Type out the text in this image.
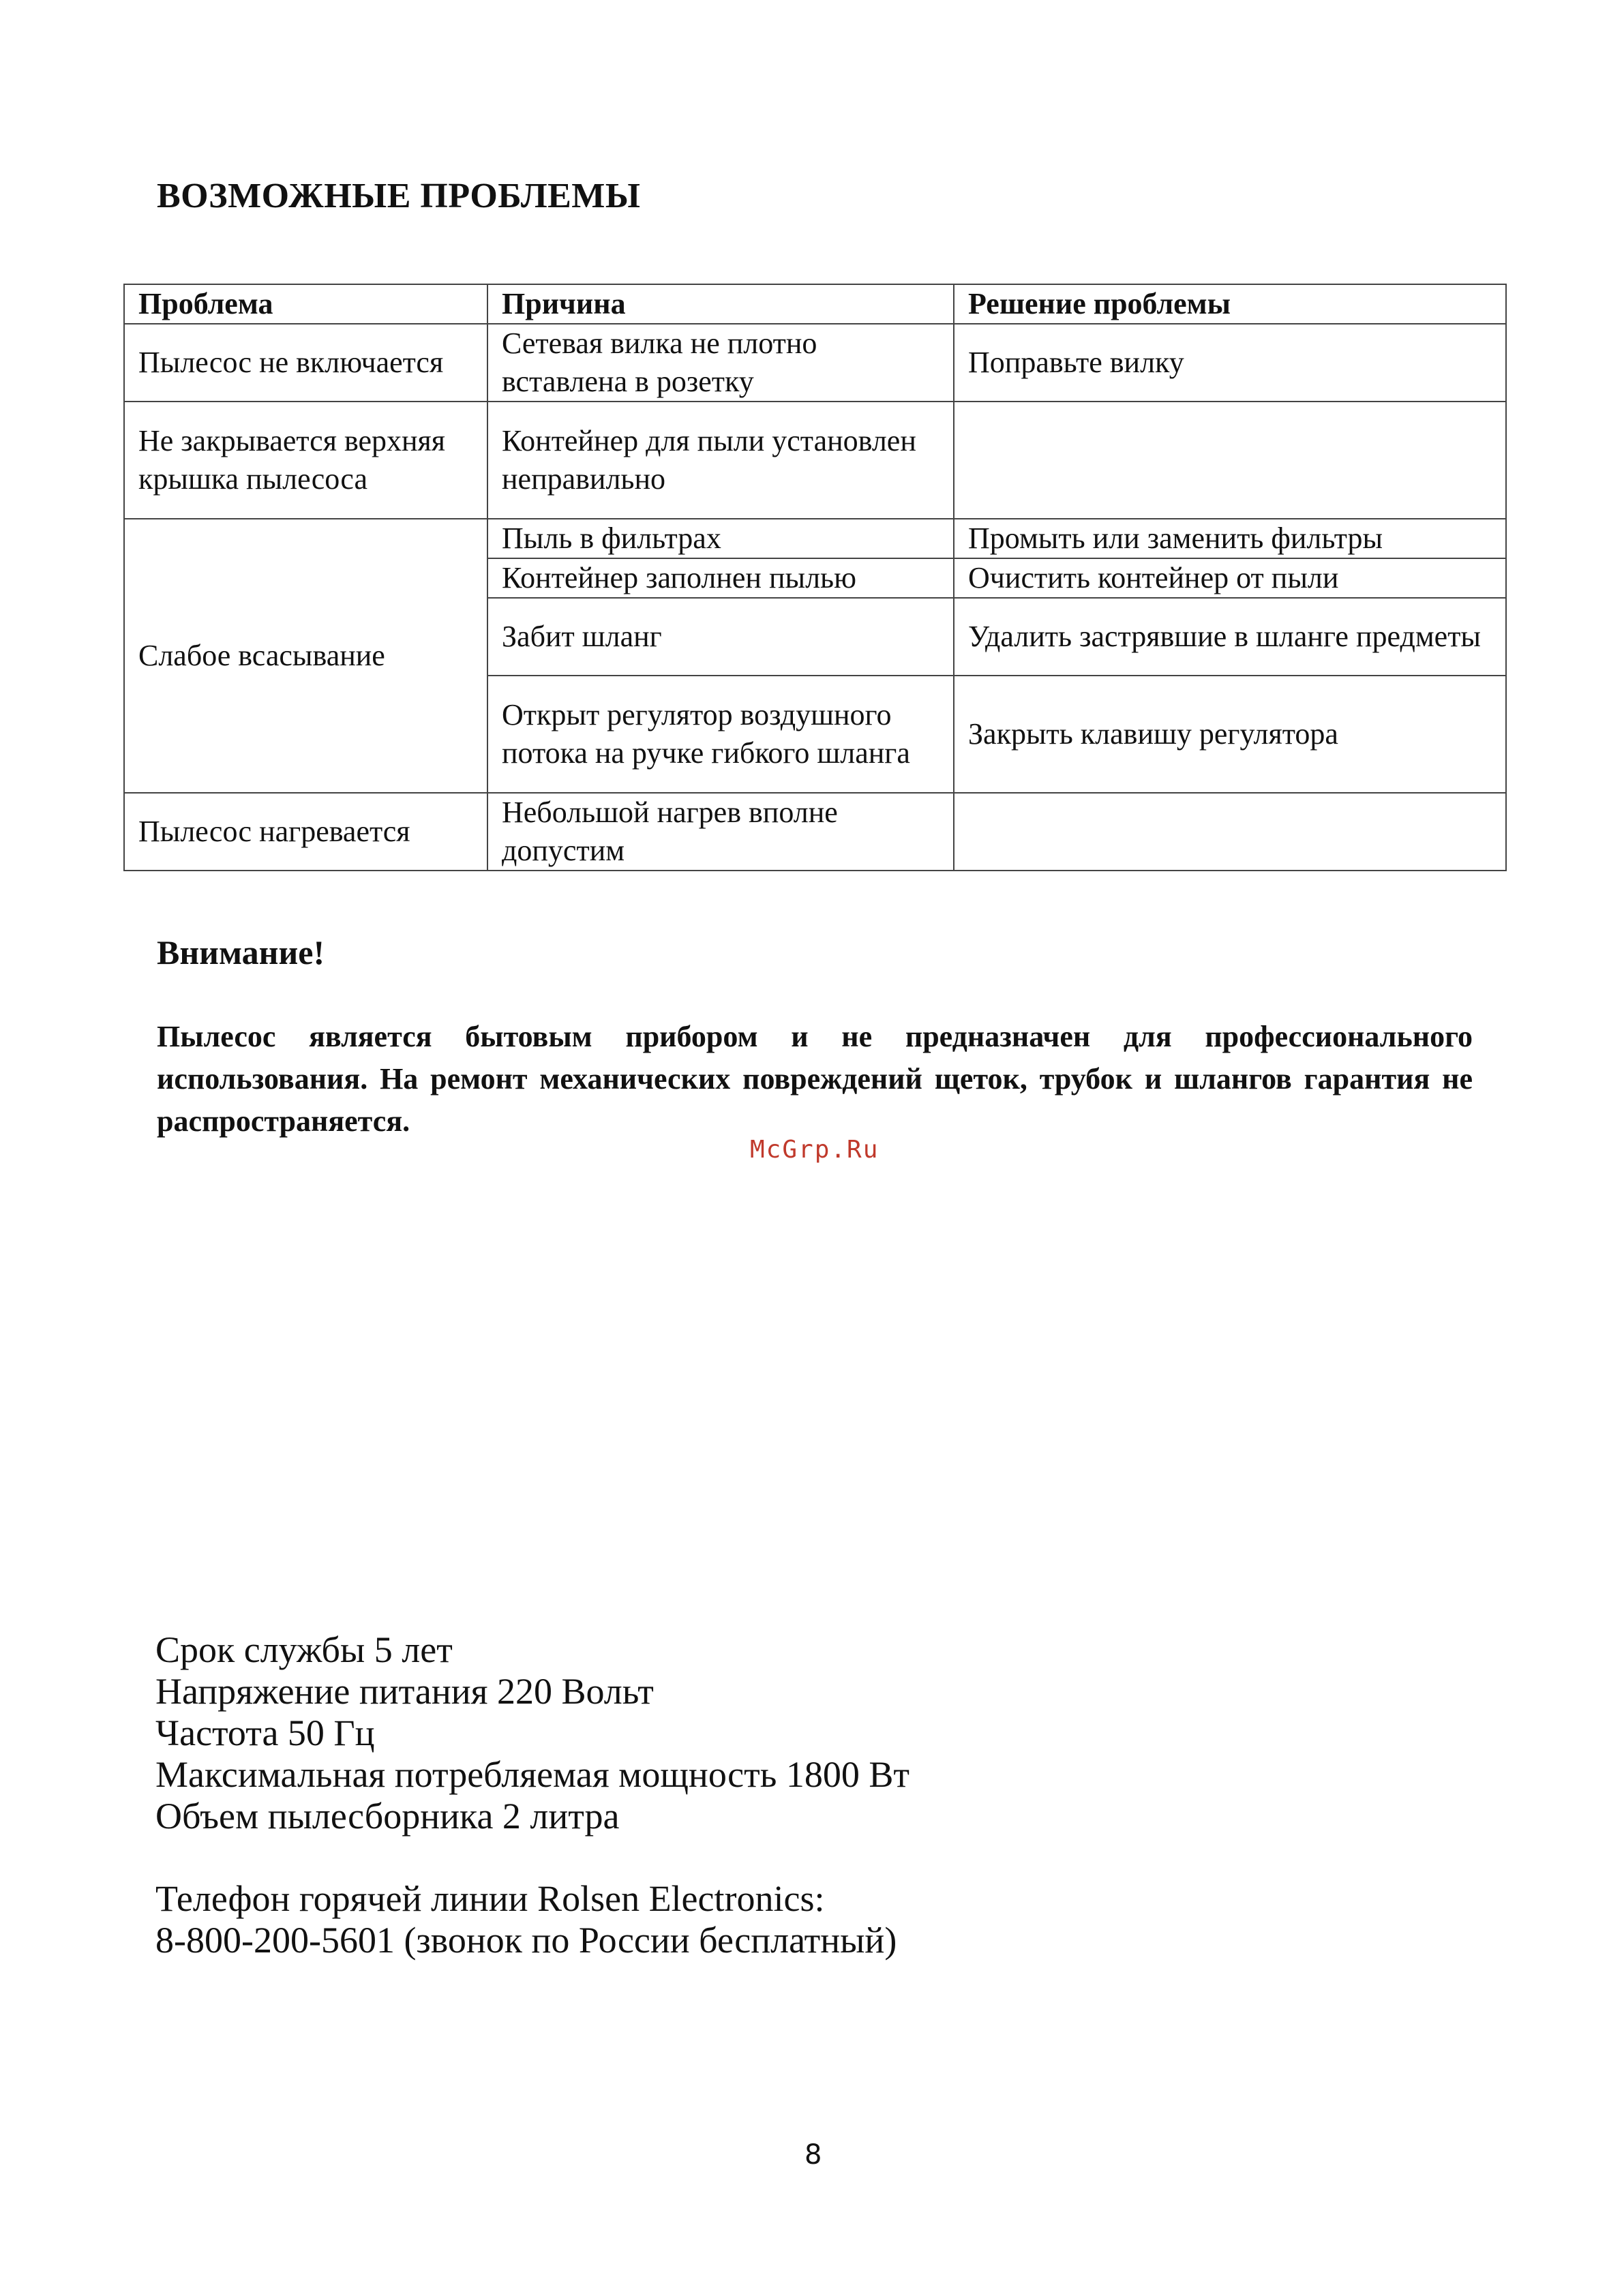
ВОЗМОЖНЫЕ ПРОБЛЕМЫ
Проблема	Причина	Решение проблемы
Пылесос не включается	Сетевая вилка не плотно вставлена в розетку	Поправьте вилку
Не закрывается верхняя крышка пылесоса	Контейнер для пыли установлен неправильно	
Слабое всасывание	Пыль в фильтрах	Промыть или заменить фильтры
	Контейнер заполнен пылью	Очистить контейнер от пыли
	Забит шланг	Удалить застрявшие в шланге предметы
	Открыт регулятор воздушного потока на ручке гибкого шланга	Закрыть клавишу регулятора
Пылесос нагревается	Небольшой нагрев вполне допустим	
Внимание!
Пылесос является бытовым прибором и не предназначен для профессионального использования. На ремонт механических повреждений щеток, трубок и шлангов гарантия не распространяется.
McGrp.Ru
Срок службы 5 лет
Напряжение питания 220 Вольт
Частота 50 Гц
Максимальная потребляемая мощность 1800 Вт
Объем пылесборника 2 литра
Телефон горячей линии Rolsen Electronics:
8-800-200-5601 (звонок по России бесплатный)
8
